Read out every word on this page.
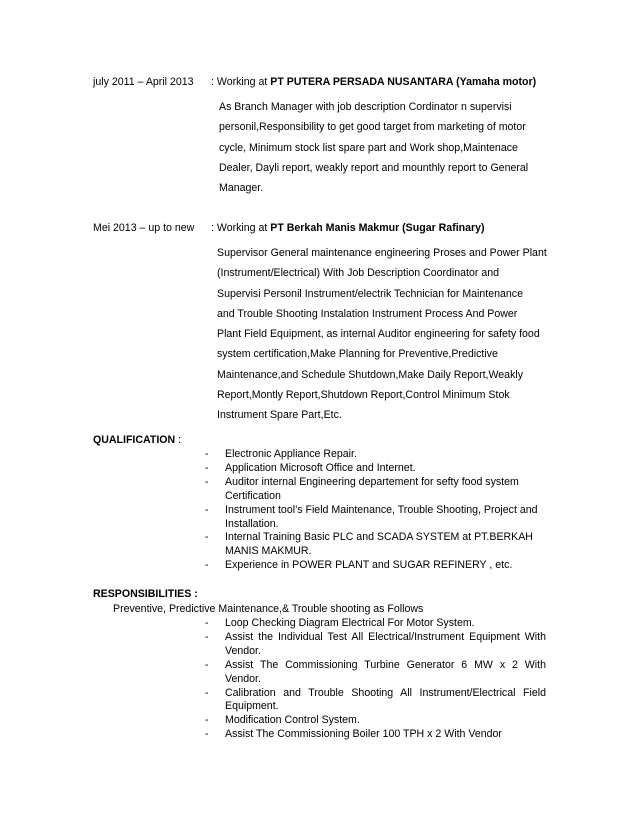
july 2011 – April 2013 : Working at PT PUTERA PERSADA NUSANTARA (Yamaha motor)
As Branch Manager with job description Cordinator n supervisi
personil,Responsibility to get good target from marketing of motor
cycle, Minimum stock list spare part and Work shop,Maintenace
Dealer, Dayli report, weakly report and mounthly report to General
Manager.
Mei 2013 – up to new : Working at PT Berkah Manis Makmur (Sugar Rafinary)
Supervisor General maintenance engineering Proses and Power Plant
(Instrument/Electrical) With Job Description Coordinator and
Supervisi Personil Instrument/electrik Technician for Maintenance
and Trouble Shooting Instalation Instrument Process And Power
Plant Field Equipment, as internal Auditor engineering for safety food
system certification,Make Planning for Preventive,Predictive
Maintenance,and Schedule Shutdown,Make Daily Report,Weakly
Report,Montly Report,Shutdown Report,Control Minimum Stok
Instrument Spare Part,Etc.
QUALIFICATION :
- Electronic Appliance Repair.
- Application Microsoft Office and Internet.
- Auditor internal Engineering departement for sefty food system Certification
- Instrument tool’s Field Maintenance, Trouble Shooting, Project and Installation.
- Internal Training Basic PLC and SCADA SYSTEM at PT.BERKAH MANIS MAKMUR.
- Experience in POWER PLANT and SUGAR REFINERY , etc.
RESPONSIBILITIES :
Preventive, Predictive Maintenance,& Trouble shooting as Follows
- Loop Checking Diagram Electrical For Motor System.
- Assist the Individual Test All Electrical/Instrument Equipment With Vendor.
- Assist The Commissioning Turbine Generator 6 MW x 2 With Vendor.
- Calibration and Trouble Shooting All Instrument/Electrical Field Equipment.
- Modification Control System.
- Assist The Commissioning Boiler 100 TPH x 2 With Vendor
